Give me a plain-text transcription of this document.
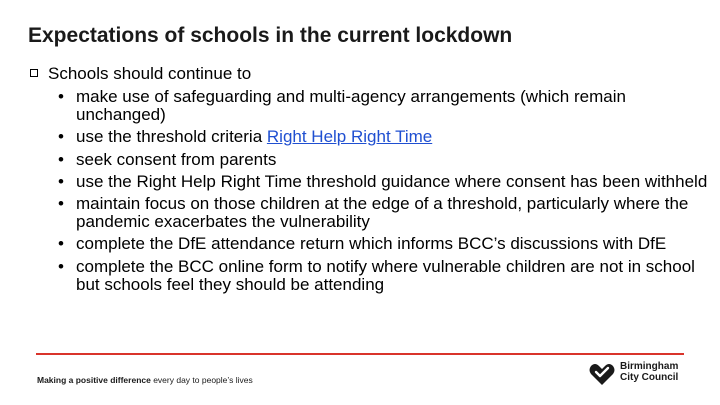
Expectations of schools in the current lockdown
Schools should continue to
• make use of safeguarding and multi-agency arrangements (which remain unchanged)
• use the threshold criteria Right Help Right Time
• seek consent from parents
• use the Right Help Right Time threshold guidance where consent has been withheld
• maintain focus on those children at the edge of a threshold, particularly where the pandemic exacerbates the vulnerability
• complete the DfE attendance return which informs BCC’s discussions with DfE
• complete the BCC online form to notify where vulnerable children are not in school but schools feel they should be attending
Making a positive difference every day to people’s lives
Birmingham
City Council
